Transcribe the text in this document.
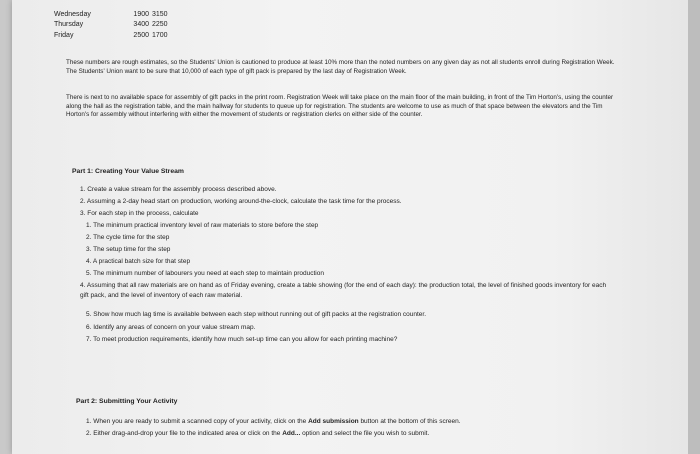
Wednesday	1900	3150
Thursday	3400	2250
Friday	2500	1700
These numbers are rough estimates, so the Students' Union is cautioned to produce at least 10% more than the noted numbers on any given day as not all students enroll during Registration Week. The Students' Union want to be sure that 10,000 of each type of gift pack is prepared by the last day of Registration Week.
There is next to no available space for assembly of gift packs in the print room. Registration Week will take place on the main floor of the main building, in front of the Tim Horton's, using the counter along the hall as the registration table, and the main hallway for students to queue up for registration. The students are welcome to use as much of that space between the elevators and the Tim Horton's for assembly without interfering with either the movement of students or registration clerks on either side of the counter.
Part 1: Creating Your Value Stream
1. Create a value stream for the assembly process described above.
2. Assuming a 2-day head start on production, working around-the-clock, calculate the task time for the process.
3. For each step in the process, calculate
1. The minimum practical inventory level of raw materials to store before the step
2. The cycle time for the step
3. The setup time for the step
4. A practical batch size for that step
5. The minimum number of labourers you need at each step to maintain production
4. Assuming that all raw materials are on hand as of Friday evening, create a table showing (for the end of each day): the production total, the level of finished goods inventory for each gift pack, and the level of inventory of each raw material.
5. Show how much lag time is available between each step without running out of gift packs at the registration counter.
6. Identify any areas of concern on your value stream map.
7. To meet production requirements, identify how much set-up time can you allow for each printing machine?
Part 2: Submitting Your Activity
1. When you are ready to submit a scanned copy of your activity, click on the Add submission button at the bottom of this screen.
2. Either drag-and-drop your file to the indicated area or click on the Add... option and select the file you wish to submit.
